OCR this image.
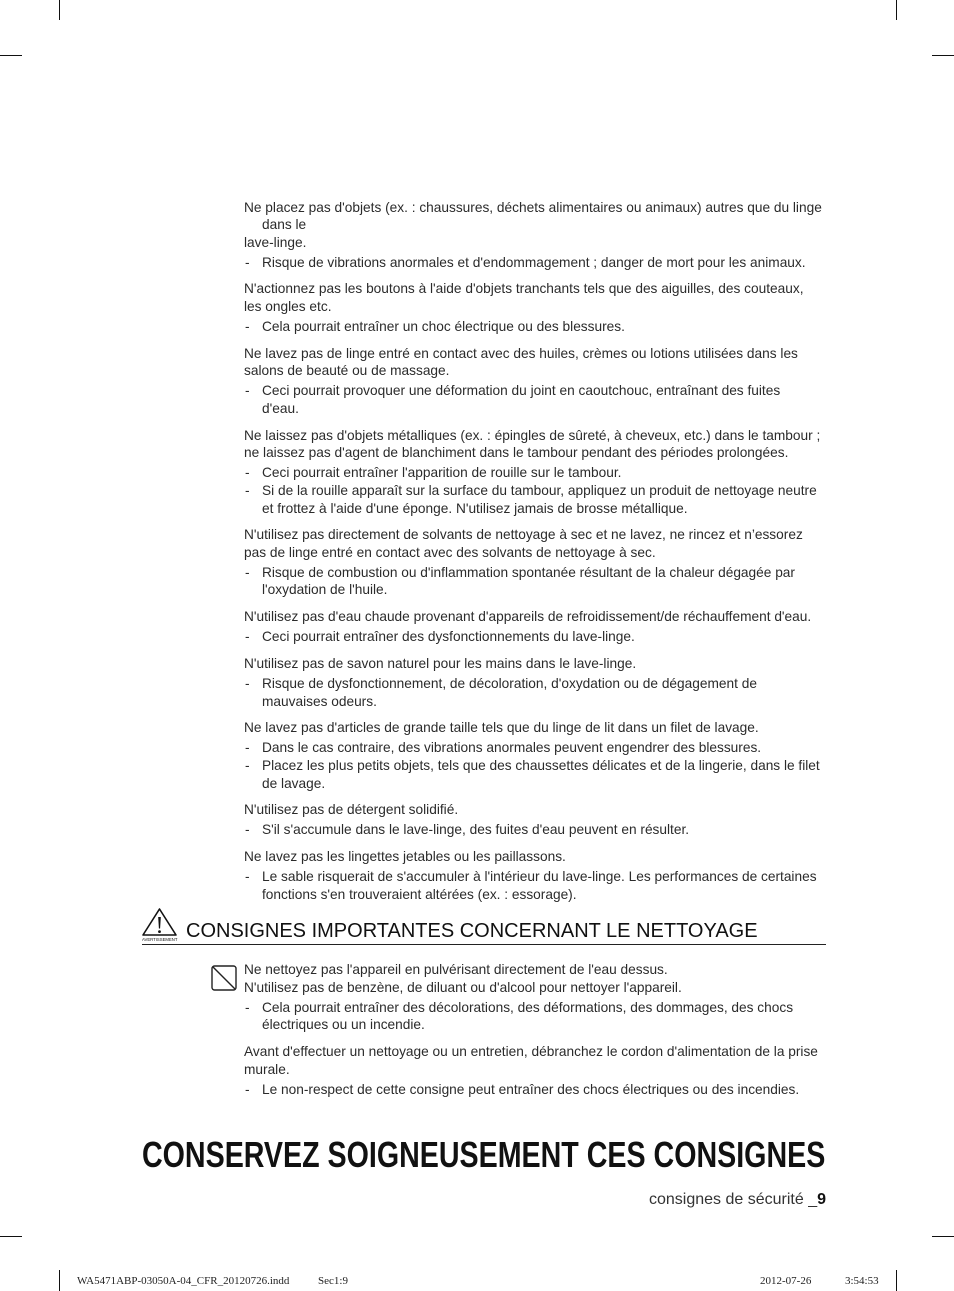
Ne placez pas d'objets (ex. : chaussures, déchets alimentaires ou animaux) autres que du linge
dans le
lave-linge.
- Risque de vibrations anormales et d'endommagement ; danger de mort pour les animaux.
N'actionnez pas les boutons à l'aide d'objets tranchants tels que des aiguilles, des couteaux,
les ongles etc.
- Cela pourrait entraîner un choc électrique ou des blessures.
Ne lavez pas de linge entré en contact avec des huiles, crèmes ou lotions utilisées dans les
salons de beauté ou de massage.
- Ceci pourrait provoquer une déformation du joint en caoutchouc, entraînant des fuites
d'eau.
Ne laissez pas d'objets métalliques (ex. : épingles de sûreté, à cheveux, etc.) dans le tambour ;
ne laissez pas d'agent de blanchiment dans le tambour pendant des périodes prolongées.
- Ceci pourrait entraîner l'apparition de rouille sur le tambour.
- Si de la rouille apparaît sur la surface du tambour, appliquez un produit de nettoyage neutre
et frottez à l'aide d'une éponge. N'utilisez jamais de brosse métallique.
N'utilisez pas directement de solvants de nettoyage à sec et ne lavez, ne rincez et n’essorez
pas de linge entré en contact avec des solvants de nettoyage à sec.
- Risque de combustion ou d'inflammation spontanée résultant de la chaleur dégagée par
l'oxydation de l'huile.
N'utilisez pas d'eau chaude provenant d'appareils de refroidissement/de réchauffement d'eau.
- Ceci pourrait entraîner des dysfonctionnements du lave-linge.
N'utilisez pas de savon naturel pour les mains dans le lave-linge.
- Risque de dysfonctionnement, de décoloration, d'oxydation ou de dégagement de
mauvaises odeurs.
Ne lavez pas d'articles de grande taille tels que du linge de lit dans un filet de lavage.
- Dans le cas contraire, des vibrations anormales peuvent engendrer des blessures.
- Placez les plus petits objets, tels que des chaussettes délicates et de la lingerie, dans le filet
de lavage.
N'utilisez pas de détergent solidifié.
- S'il s'accumule dans le lave-linge, des fuites d'eau peuvent en résulter.
Ne lavez pas les lingettes jetables ou les paillassons.
- Le sable risquerait de s'accumuler à l'intérieur du lave-linge. Les performances de certaines
fonctions s'en trouveraient altérées (ex. : essorage).
AVERTISSEMENT CONSIGNES IMPORTANTES CONCERNANT LE NETTOYAGE
Ne nettoyez pas l'appareil en pulvérisant directement de l'eau dessus.
N'utilisez pas de benzène, de diluant ou d'alcool pour nettoyer l'appareil.
- Cela pourrait entraîner des décolorations, des déformations, des dommages, des chocs
électriques ou un incendie.
Avant d'effectuer un nettoyage ou un entretien, débranchez le cordon d'alimentation de la prise
murale.
- Le non-respect de cette consigne peut entraîner des chocs électriques ou des incendies.
CONSERVEZ SOIGNEUSEMENT CES CONSIGNES
consignes de sécurité _9
WA5471ABP-03050A-04_CFR_20120726.indd	Sec1:9	2012-07-26	3:54:53
